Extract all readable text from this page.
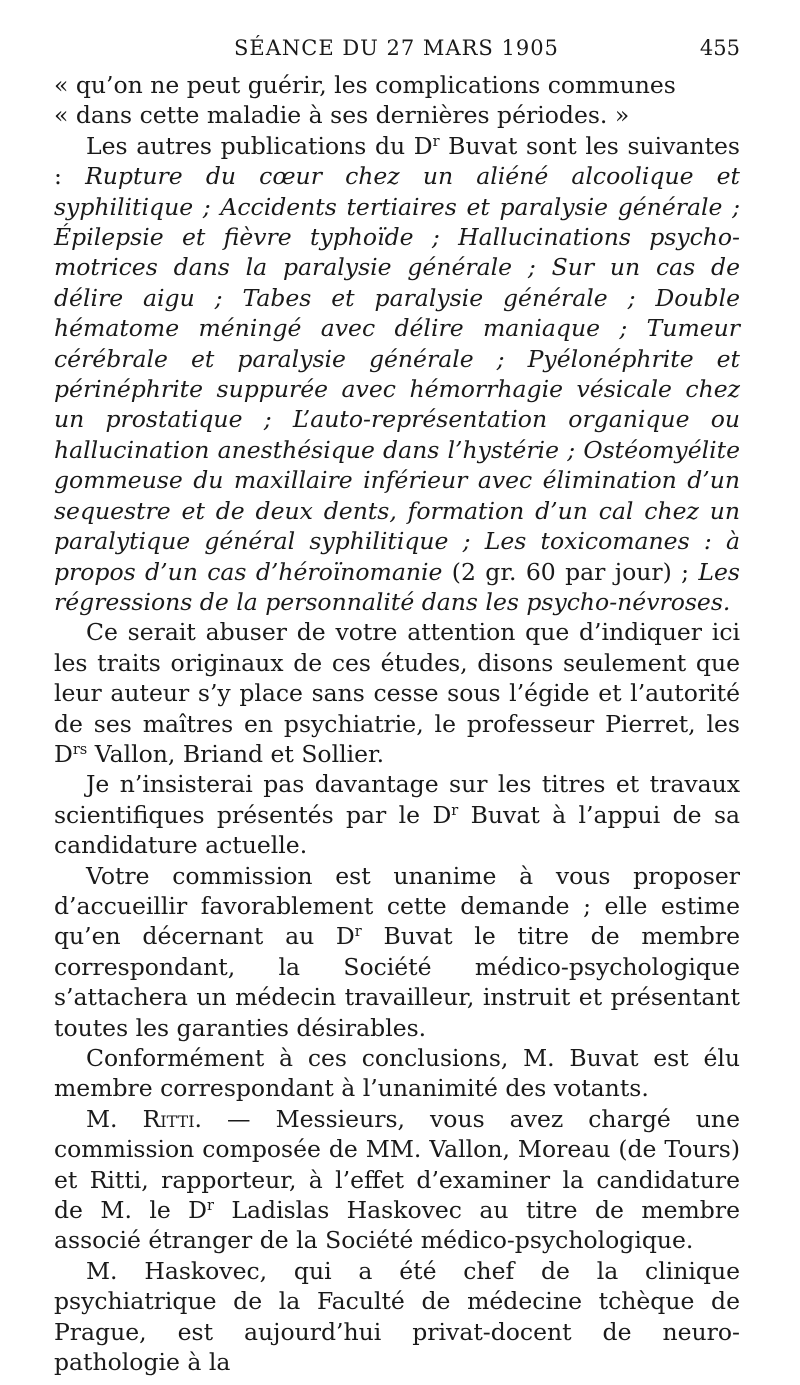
SÉANCE DU 27 MARS 1905	455

« qu’on ne peut guérir, les complications communes
« dans cette maladie à ses dernières périodes. »

Les autres publications du $D^r$ Buvat sont les suivantes : Rupture du cœur chez un aliéné alcoolique et syphilitique ; Accidents tertiaires et paralysie générale ; Épilepsie et fièvre typhoïde ; Hallucinations psycho-motrices dans la paralysie générale ; Sur un cas de délire aigu ; Tabes et paralysie générale ; Double hématome méningé avec délire maniaque ; Tumeur cérébrale et paralysie générale ; Pyélonéphrite et périnéphrite suppurée avec hémorrhagie vésicale chez un prostatique ; L’auto-représentation organique ou hallucination anesthésique dans l’hystérie ; Ostéomyélite gommeuse du maxillaire inférieur avec élimination d’un sequestre et de deux dents, formation d’un cal chez un paralytique général syphilitique ; Les toxicomanes : à propos d’un cas d’héroïnomanie (2 gr. 60 par jour) ; Les régressions de la personnalité dans les psycho-névroses.

Ce serait abuser de votre attention que d’indiquer ici les traits originaux de ces études, disons seulement que leur auteur s’y place sans cesse sous l’égide et l’autorité de ses maîtres en psychiatrie, le professeur Pierret, les $D^{rs}$ Vallon, Briand et Sollier.

Je n’insisterai pas davantage sur les titres et travaux scientifiques présentés par le $D^r$ Buvat à l’appui de sa candidature actuelle.

Votre commission est unanime à vous proposer d’accueillir favorablement cette demande ; elle estime qu’en décernant au $D^r$ Buvat le titre de membre correspondant, la Société médico-psychologique s’attachera un médecin travailleur, instruit et présentant toutes les garanties désirables.

Conformément à ces conclusions, M. Buvat est élu membre correspondant à l’unanimité des votants.

M. Ritti. — Messieurs, vous avez chargé une commission composée de MM. Vallon, Moreau (de Tours) et Ritti, rapporteur, à l’effet d’examiner la candidature de M. le $D^r$ Ladislas Haskovec au titre de membre associé étranger de la Société médico-psychologique.

M. Haskovec, qui a été chef de la clinique psychiatrique de la Faculté de médecine tchèque de Prague, est aujourd’hui privat-docent de neuro-pathologie à la
